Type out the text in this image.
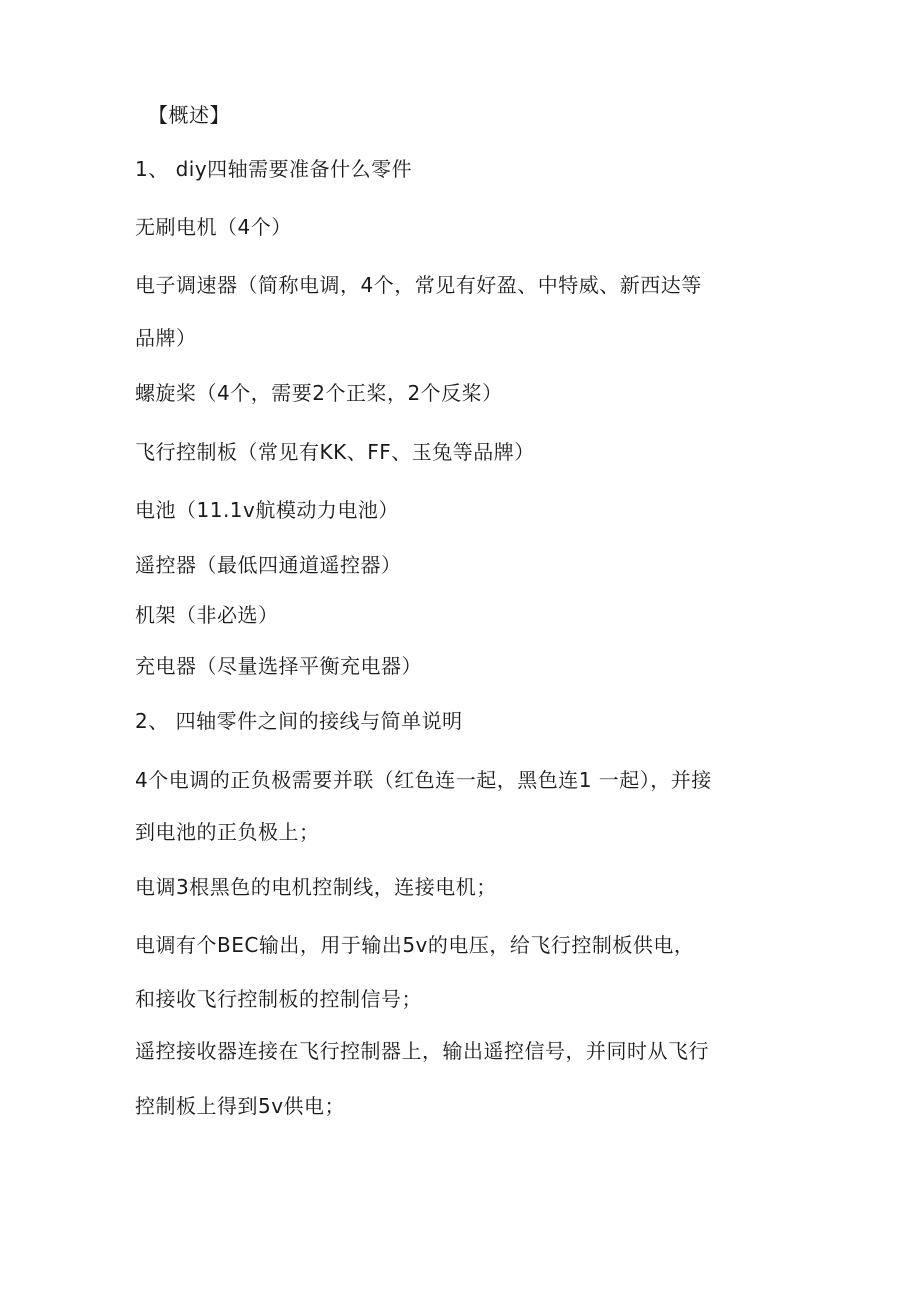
【概述】
1、 diy四轴需要准备什么零件
无刷电机（4个）
电子调速器（简称电调，4个，常见有好盈、中特威、新西达等
品牌）
螺旋桨（4个，需要2个正桨，2个反桨）
飞行控制板（常见有KK、FF、玉兔等品牌）
电池（11.1v航模动力电池）
遥控器（最低四通道遥控器）
机架（非必选）
充电器（尽量选择平衡充电器）
2、 四轴零件之间的接线与简单说明
4个电调的正负极需要并联（红色连一起，黑色连1 一起），并接
到电池的正负极上；
电调3根黑色的电机控制线，连接电机；
电调有个BEC输出，用于输出5v的电压，给飞行控制板供电，
和接收飞行控制板的控制信号；
遥控接收器连接在飞行控制器上，输出遥控信号，并同时从飞行
控制板上得到5v供电；
